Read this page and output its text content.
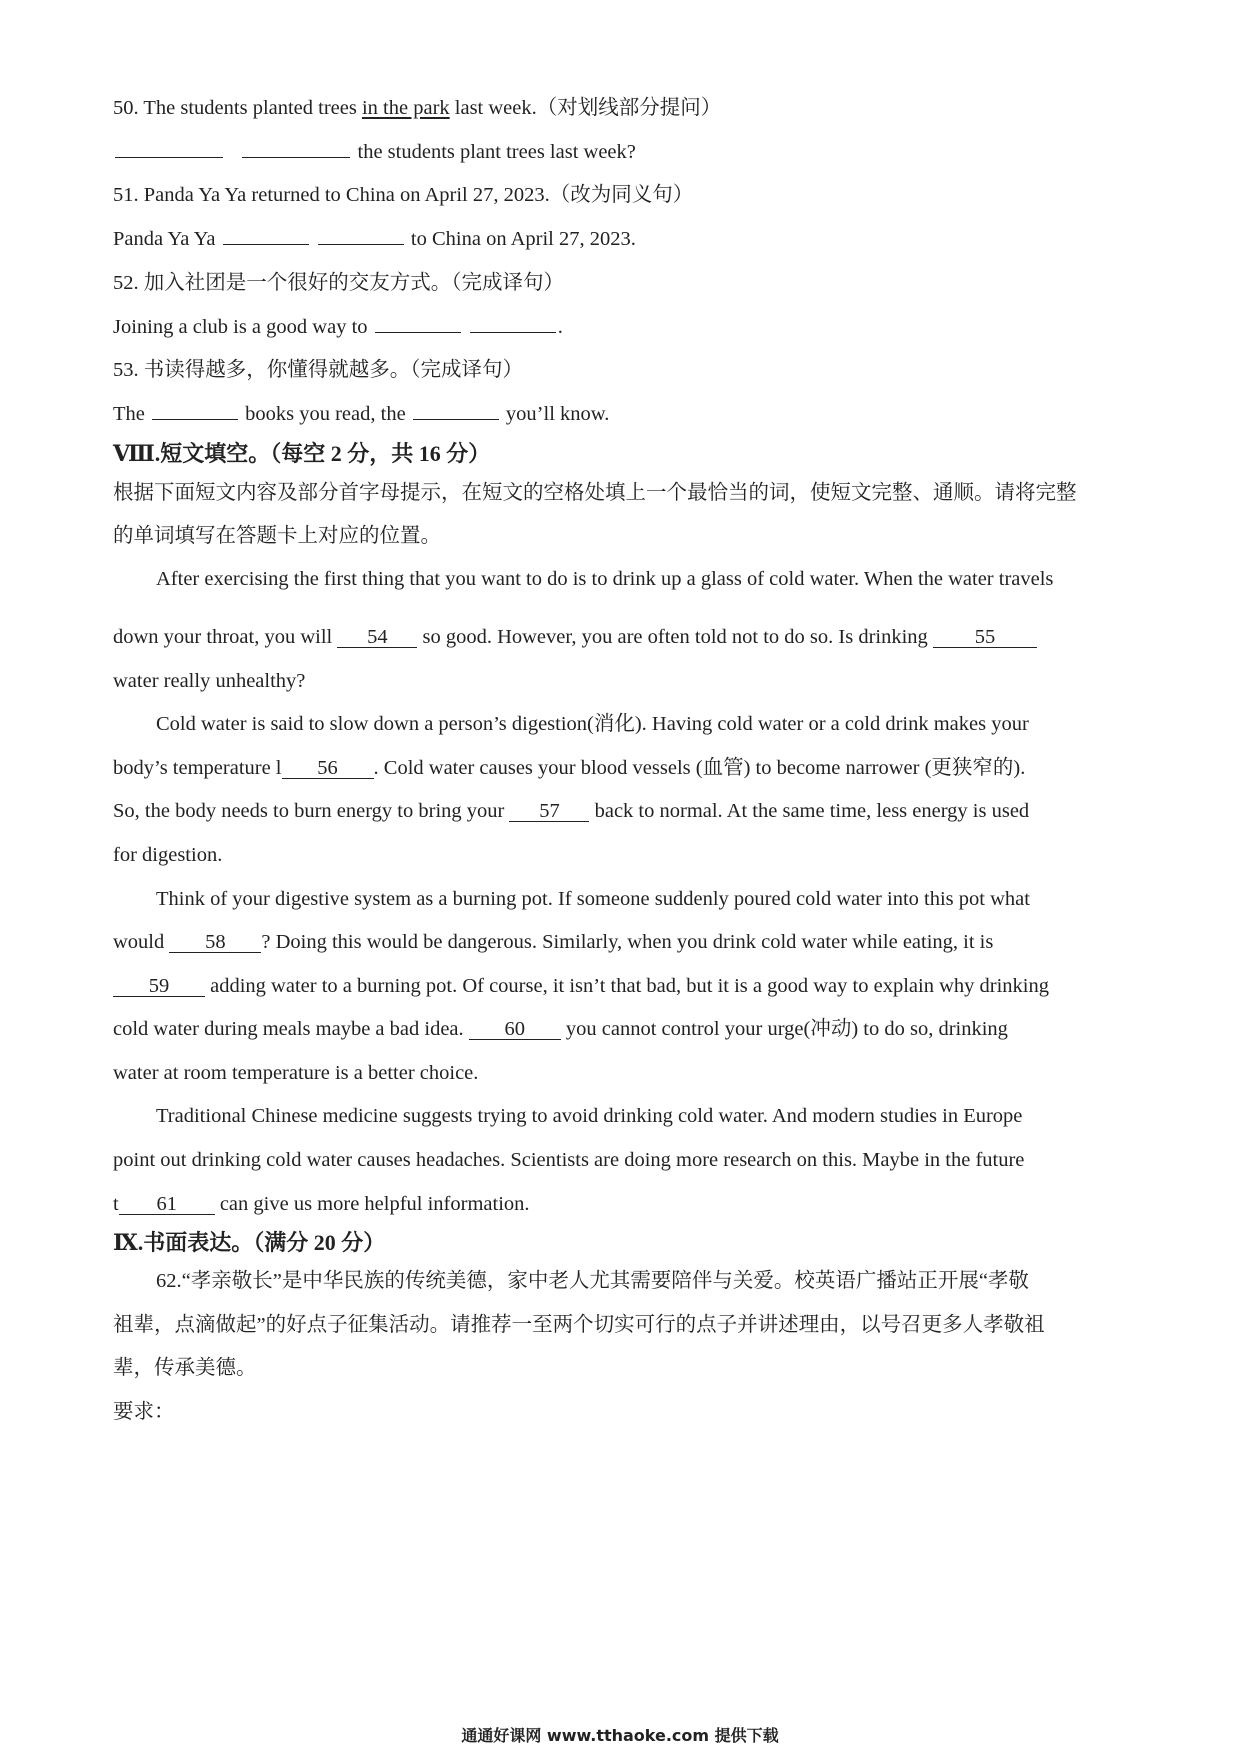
50. The students planted trees in the park last week.（对划线部分提问）
the students plant trees last week?
51. Panda Ya Ya returned to China on April 27, 2023.（改为同义句）
Panda Ya Ya	to China on April 27, 2023.
52. 加入社团是一个很好的交友方式。（完成译句）
Joining a club is a good way to	.
53. 书读得越多，你懂得就越多。（完成译句）
The	books you read, the	you’ll know.
Ⅷ.短文填空。（每空 2 分，共 16 分）
根据下面短文内容及部分首字母提示，在短文的空格处填上一个最恰当的词，使短文完整、通顺。请将完整
的单词填写在答题卡上对应的位置。
After exercising the first thing that you want to do is to drink up a glass of cold water. When the water travels
down your throat, you will 54 so good. However, you are often told not to do so. Is drinking 55
water really unhealthy?
Cold water is said to slow down a person’s digestion(消化). Having cold water or a cold drink makes your
body’s temperature l 56 . Cold water causes your blood vessels (血管) to become narrower (更狭窄的).
So, the body needs to burn energy to bring your 57 back to normal. At the same time, less energy is used
for digestion.
Think of your digestive system as a burning pot. If someone suddenly poured cold water into this pot what
would 58 ? Doing this would be dangerous. Similarly, when you drink cold water while eating, it is
59 adding water to a burning pot. Of course, it isn’t that bad, but it is a good way to explain why drinking
cold water during meals maybe a bad idea. 60 you cannot control your urge(冲动) to do so, drinking
water at room temperature is a better choice.
Traditional Chinese medicine suggests trying to avoid drinking cold water. And modern studies in Europe
point out drinking cold water causes headaches. Scientists are doing more research on this. Maybe in the future
t 61 can give us more helpful information.
Ⅸ.书面表达。（满分 20 分）
62.“孝亲敬长”是中华民族的传统美德，家中老人尤其需要陪伴与关爱。校英语广播站正开展“孝敬
祖辈，点滴做起”的好点子征集活动。请推荐一至两个切实可行的点子并讲述理由，以号召更多人孝敬祖
辈，传承美德。
要求：
通通好课网 www.tthaoke.com 提供下载
